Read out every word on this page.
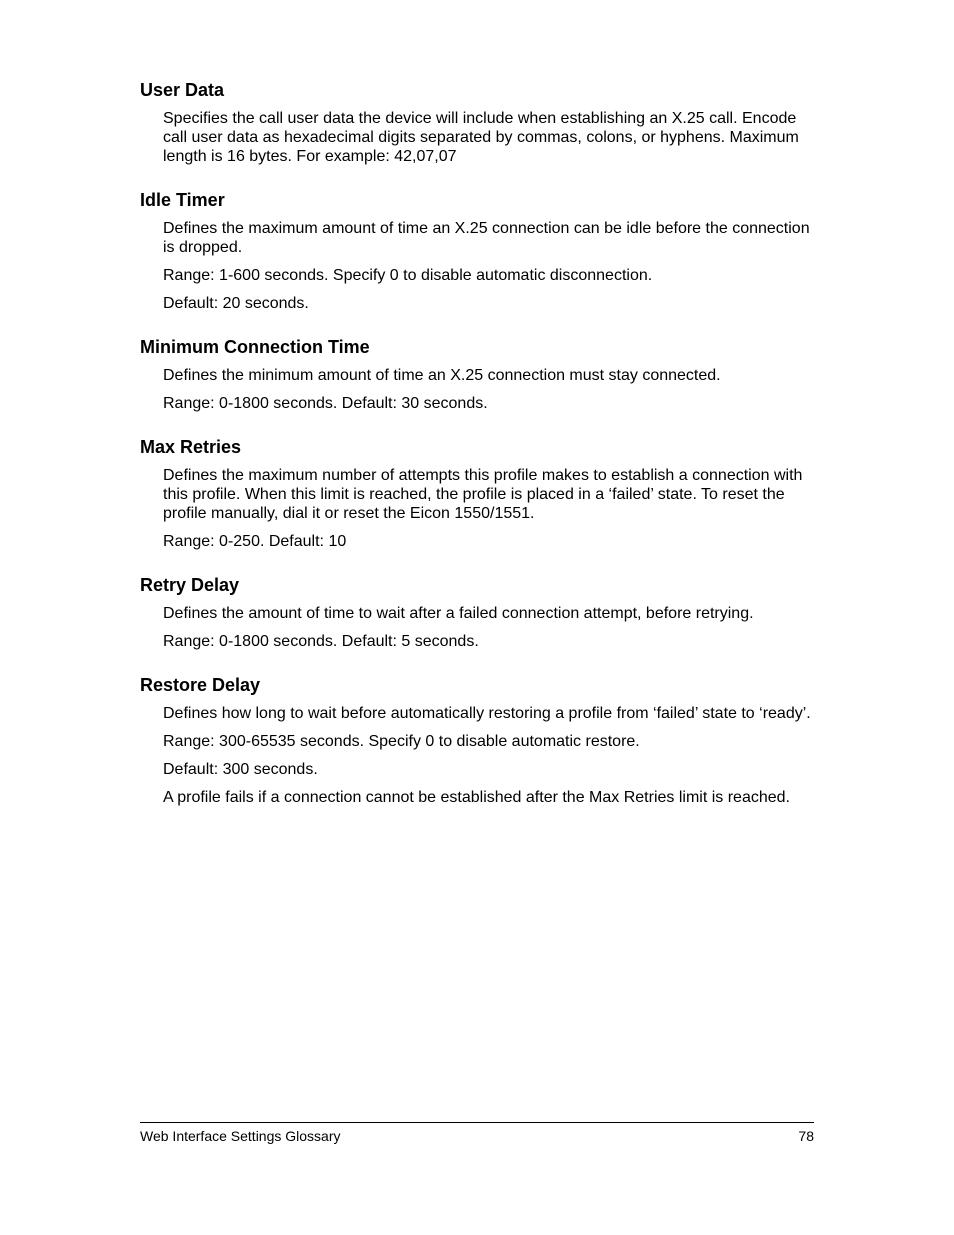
User Data

Specifies the call user data the device will include when establishing an X.25 call. Encode call user data as hexadecimal digits separated by commas, colons, or hyphens. Maximum length is 16 bytes. For example: 42,07,07

Idle Timer

Defines the maximum amount of time an X.25 connection can be idle before the connection is dropped.

Range: 1-600 seconds. Specify 0 to disable automatic disconnection.

Default: 20 seconds.

Minimum Connection Time

Defines the minimum amount of time an X.25 connection must stay connected.

Range: 0-1800 seconds. Default: 30 seconds.

Max Retries

Defines the maximum number of attempts this profile makes to establish a connection with this profile. When this limit is reached, the profile is placed in a ‘failed’ state. To reset the profile manually, dial it or reset the Eicon 1550/1551.

Range: 0-250. Default: 10

Retry Delay

Defines the amount of time to wait after a failed connection attempt, before retrying.

Range: 0-1800 seconds. Default: 5 seconds.

Restore Delay

Defines how long to wait before automatically restoring a profile from ‘failed’ state to ‘ready’.

Range: 300-65535 seconds. Specify 0 to disable automatic restore.

Default: 300 seconds.

A profile fails if a connection cannot be established after the Max Retries limit is reached.

Web Interface Settings Glossary	78
